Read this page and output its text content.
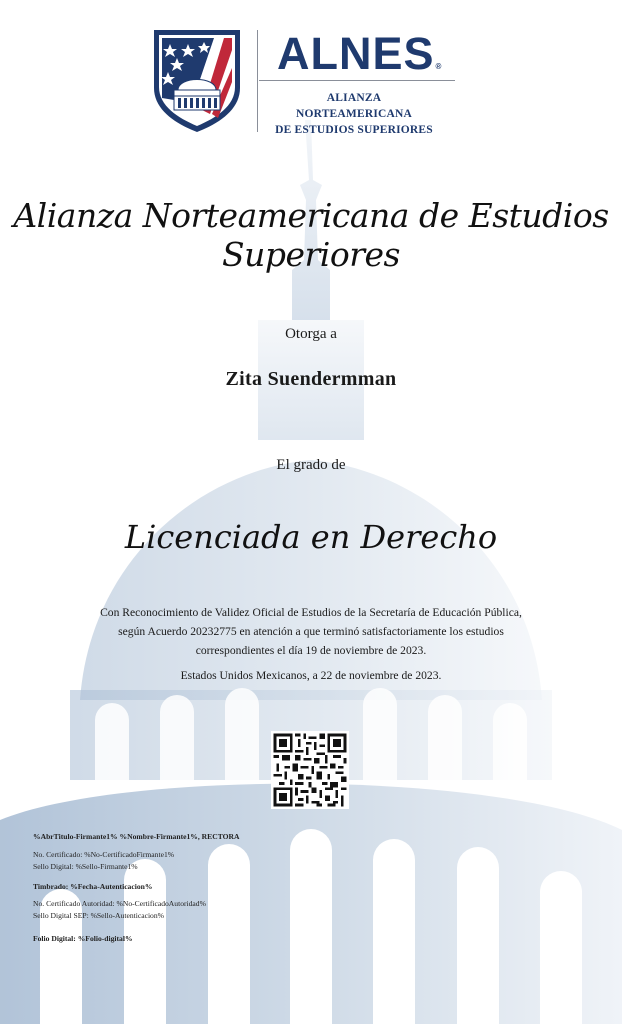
ALNES®
ALIANZA NORTEAMERICANA
DE ESTUDIOS SUPERIORES
Alianza Norteamericana de Estudios Superiores
Otorga a
Zita Suendermman
El grado de
Licenciada en Derecho
Con Reconocimiento de Validez Oficial de Estudios de la Secretaría de Educación Pública, según Acuerdo 20232775 en atención a que terminó satisfactoriamente los estudios correspondientes el día 19 de noviembre de 2023.
Estados Unidos Mexicanos, a 22 de noviembre de 2023.
%AbrTitulo-Firmante1% %Nombre-Firmante1%, RECTORA
No. Certificado: %No-CertificadoFirmante1%
Sello Digital: %Sello-Firmante1%
Timbrado: %Fecha-Autenticacion%
No. Certificado Autoridad: %No-CertificadoAutoridad%
Sello Digital SEP: %Sello-Autenticacion%
Folio Digital: %Folio-digital%
